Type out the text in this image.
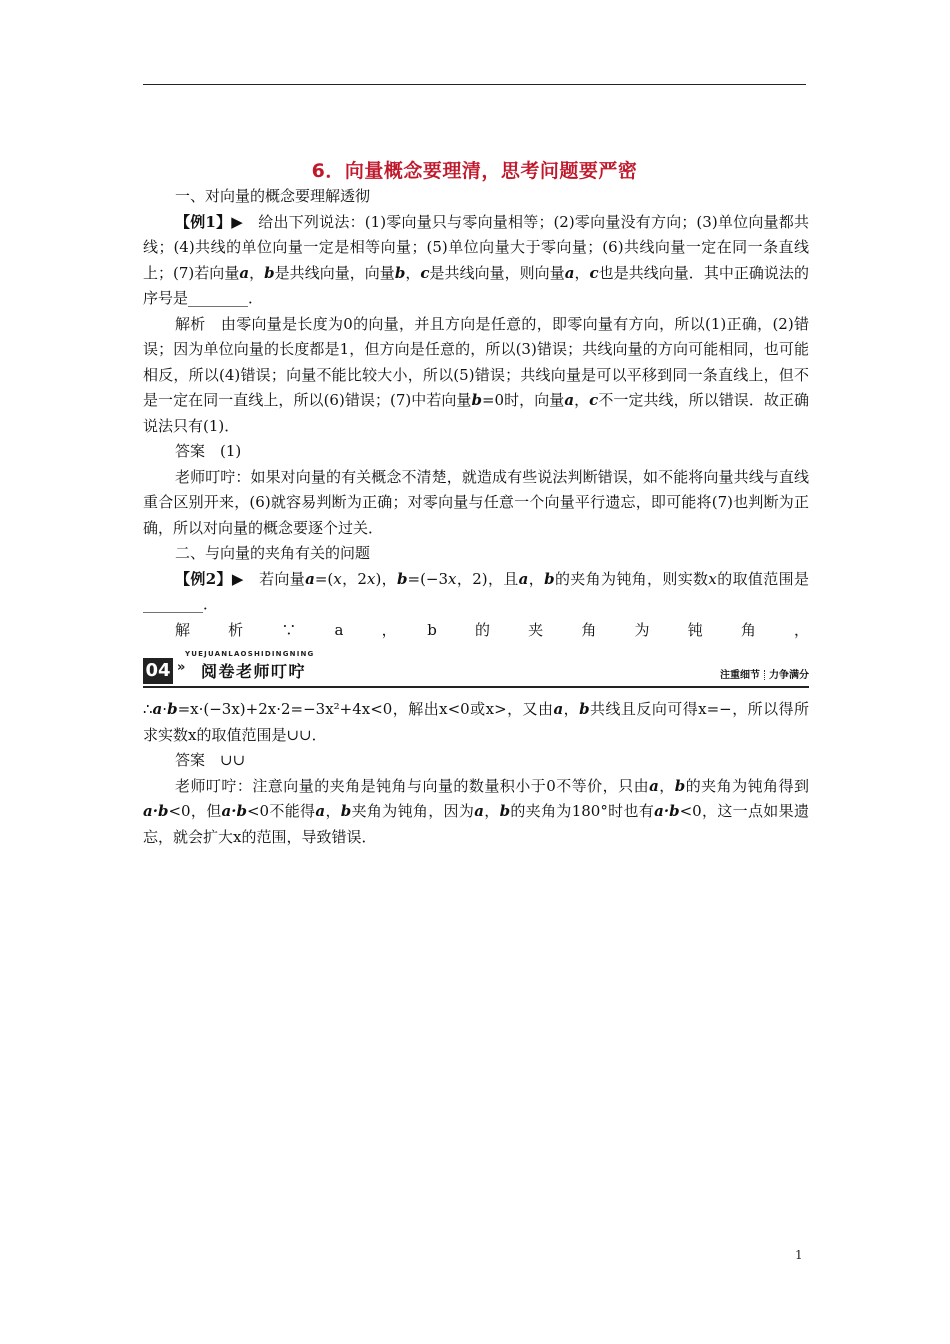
6．向量概念要理清，思考问题要严密

一、对向量的概念要理解透彻

【例1】▶  给出下列说法：(1)零向量只与零向量相等；(2)零向量没有方向；(3)单位向量都共线；(4)共线的单位向量一定是相等向量；(5)单位向量大于零向量；(6)共线向量一定在同一条直线上；(7)若向量a，b是共线向量，向量b，c是共线向量，则向量a，c也是共线向量．其中正确说法的序号是________．

解析  由零向量是长度为0的向量，并且方向是任意的，即零向量有方向，所以(1)正确，(2)错误；因为单位向量的长度都是1，但方向是任意的，所以(3)错误；共线向量的方向可能相同，也可能相反，所以(4)错误；向量不能比较大小，所以(5)错误；共线向量是可以平移到同一条直线上，但不是一定在同一直线上，所以(6)错误；(7)中若向量b=0时，向量a，c不一定共线，所以错误．故正确说法只有(1)．

答案　(1)

老师叮咛：如果对向量的有关概念不清楚，就造成有些说法判断错误，如不能将向量共线与直线重合区别开来，(6)就容易判断为正确；对零向量与任意一个向量平行遗忘，即可能将(7)也判断为正确，所以对向量的概念要逐个过关．

二、与向量的夹角有关的问题

【例2】▶  若向量a=(x，2x)，b=(−3x，2)，且a，b的夹角为钝角，则实数x的取值范围是________．

解　析　∵　a　，　b　的　夹　角　为　钝　角　，

YUEJUANLAOSHIDINGNING
04 » 阅卷老师叮咛	注重细节 力争满分

∴a·b=x·(−3x)+2x·2=−3x²+4x<0，解出x<0或x>，又由a，b共线且反向可得x=−，所以得所求实数x的取值范围是∪∪．

答案　∪∪

老师叮咛：注意向量的夹角是钝角与向量的数量积小于0不等价，只由a，b的夹角为钝角得到a·b<0，但a·b<0不能得a，b夹角为钝角，因为a，b的夹角为180°时也有a·b<0，这一点如果遗忘，就会扩大x的范围，导致错误．

1
